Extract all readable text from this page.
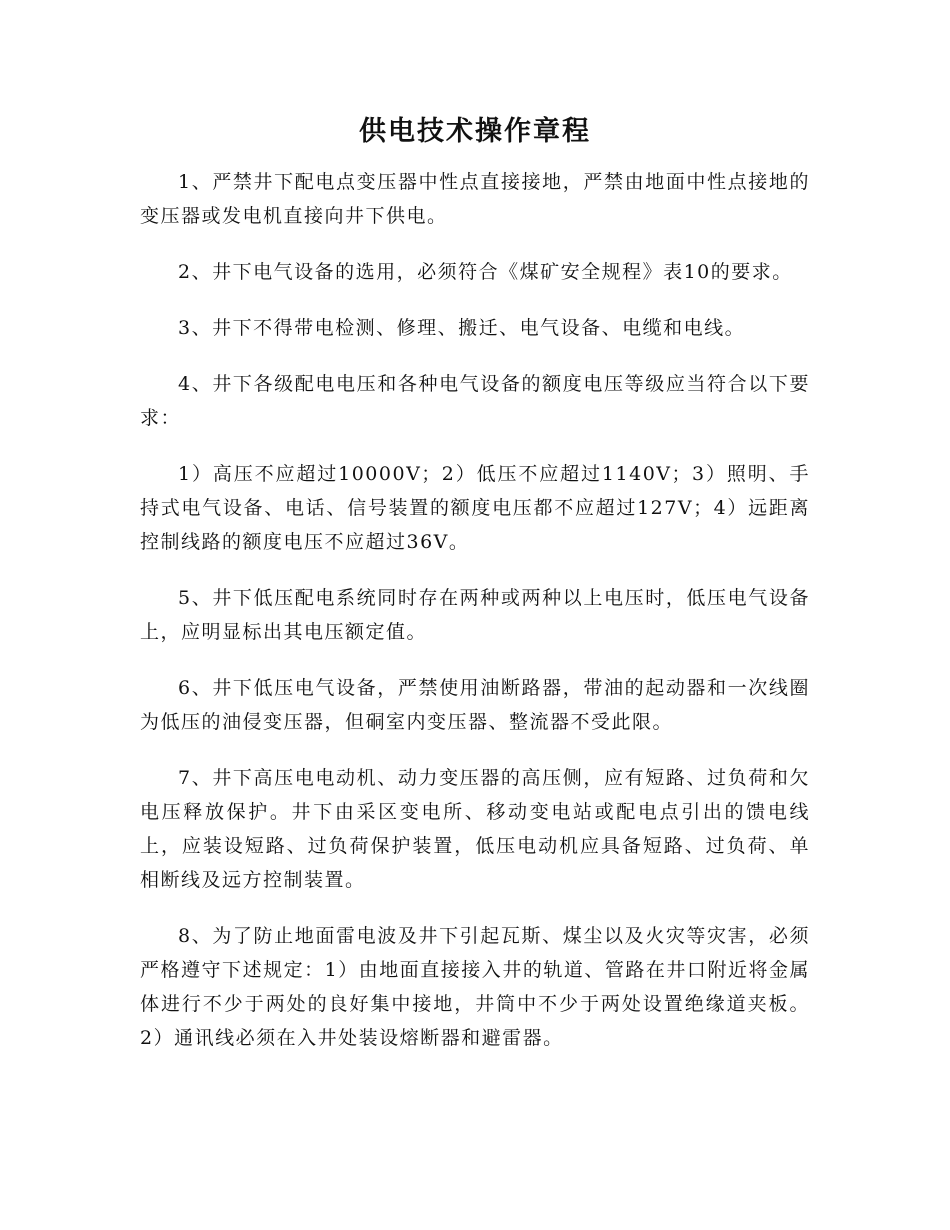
供电技术操作章程

1、严禁井下配电点变压器中性点直接接地，严禁由地面中性点接地的变压器或发电机直接向井下供电。

2、井下电气设备的选用，必须符合《煤矿安全规程》表10的要求。

3、井下不得带电检测、修理、搬迁、电气设备、电缆和电线。

4、井下各级配电电压和各种电气设备的额度电压等级应当符合以下要求：

1）高压不应超过10000V；2）低压不应超过1140V；3）照明、手持式电气设备、电话、信号装置的额度电压都不应超过127V；4）远距离控制线路的额度电压不应超过36V。

5、井下低压配电系统同时存在两种或两种以上电压时，低压电气设备上，应明显标出其电压额定值。

6、井下低压电气设备，严禁使用油断路器，带油的起动器和一次线圈为低压的油侵变压器，但硐室内变压器、整流器不受此限。

7、井下高压电电动机、动力变压器的高压侧，应有短路、过负荷和欠电压释放保护。井下由采区变电所、移动变电站或配电点引出的馈电线上，应装设短路、过负荷保护装置，低压电动机应具备短路、过负荷、单相断线及远方控制装置。

8、为了防止地面雷电波及井下引起瓦斯、煤尘以及火灾等灾害，必须严格遵守下述规定：1）由地面直接接入井的轨道、管路在井口附近将金属体进行不少于两处的良好集中接地，井筒中不少于两处设置绝缘道夹板。2）通讯线必须在入井处装设熔断器和避雷器。
